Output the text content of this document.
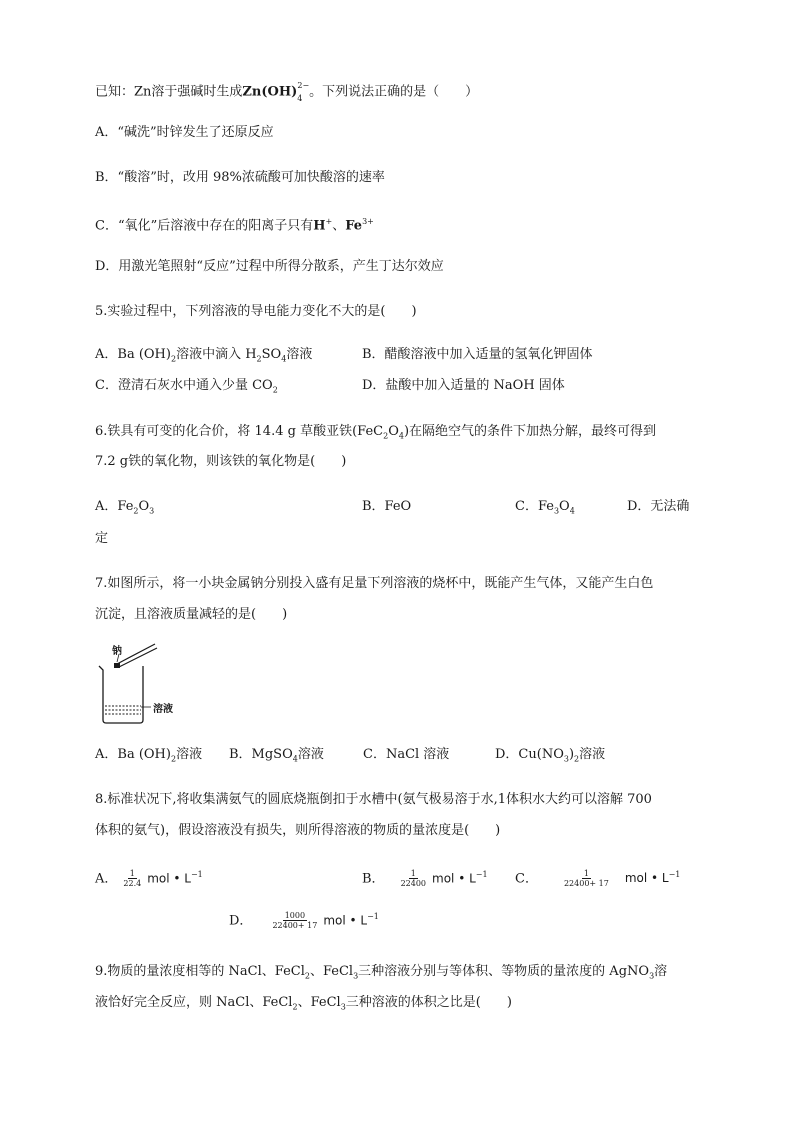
已知：Zn溶于强碱时生成$Zn(OH)_4^{2-}$。下列说法正确的是（　　）
A．“碱洗”时锌发生了还原反应
B．“酸溶”时，改用 98%浓硫酸可加快酸溶的速率
C．“氧化”后溶液中存在的阳离子只有H+、$Fe^{3+}$
D．用激光笔照射“反应”过程中所得分散系，产生丁达尔效应
5.实验过程中，下列溶液的导电能力变化不大的是(　　)
A．Ba $(OH)_2$溶液中滴入 $H_2SO_4$溶液	B．醋酸溶液中加入适量的氢氧化钾固体
C．澄清石灰水中通入少量 $CO_2$	D．盐酸中加入适量的 NaOH 固体
6.铁具有可变的化合价，将 14.4 g 草酸亚铁$(FeC_2O_4)$在隔绝空气的条件下加热分解，最终可得到
7.2 g铁的氧化物，则该铁的氧化物是(　　)
A．$Fe_2O_3$	B．FeO	C．$Fe_3O_4$	D．无法确
定
7.如图所示，将一小块金属钠分别投入盛有足量下列溶液的烧杯中，既能产生气体，又能产生白色
沉淀，且溶液质量减轻的是(　　)
钠
溶液
A．Ba $(OH)_2$溶液 B．MgSO$_4$溶液	C．NaCl 溶液	D．$Cu(NO_3)_2$溶液
8.标准状况下,将收集满氨气的圆底烧瓶倒扣于水槽中(氨气极易溶于水,1体积水大约可以溶解 700
体积的氨气)，假设溶液没有损失，则所得溶液的物质的量浓度是(　　)
A． $\frac{1}{22.4}$ mol • $L^{-1}$	B． $\frac{1}{22400}$ mol • $L^{-1}$ C．	$\frac{1}{22400+ 17}$ mol • $L^{-1}$
D． $\frac{1000}{22400+ 17}$ mol • $L^{-1}$
9.物质的量浓度相等的 NaCl、FeCl$_2$、FeCl$_3$三种溶液分别与等体积、等物质的量浓度的 AgNO$_3$溶
液恰好完全反应，则 NaCl、FeCl$_2$、FeCl$_3$三种溶液的体积之比是(　　)
